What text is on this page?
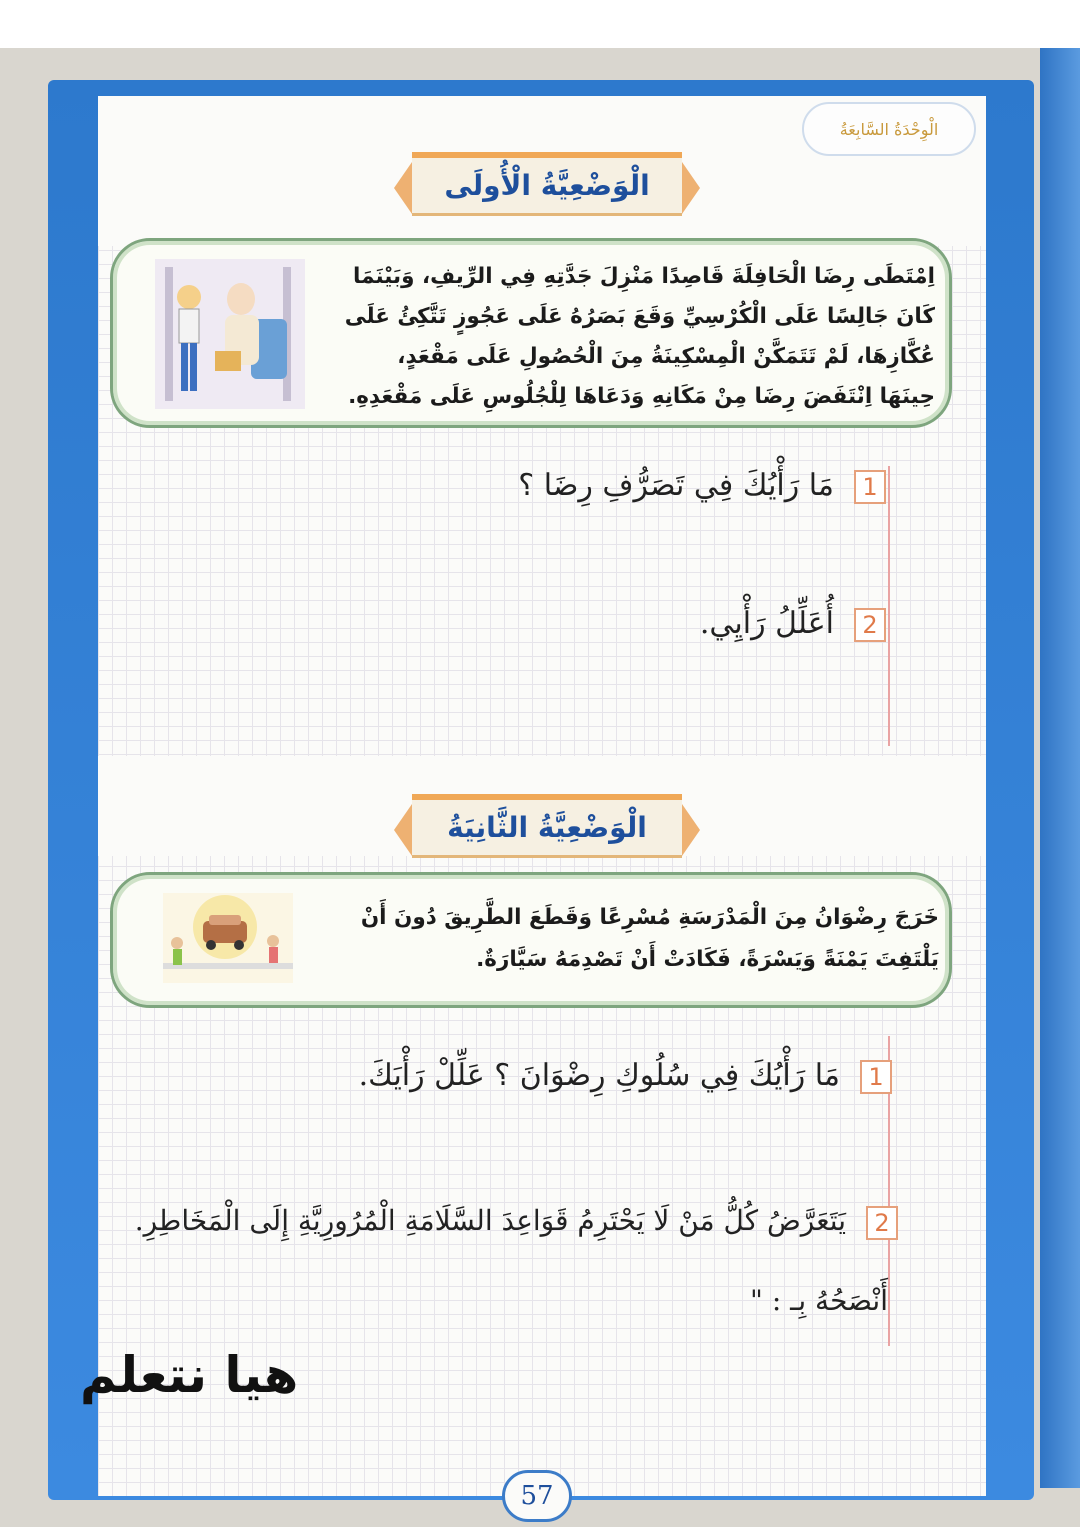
الْوِحْدَةُ السَّابِعَةُ
الْوَضْعِيَّةُ الْأُولَى
اِمْتَطَى رِضَا الْحَافِلَةَ قَاصِدًا مَنْزِلَ جَدَّتِهِ فِي الرِّيفِ، وَبَيْنَمَا
كَانَ جَالِسًا عَلَى الْكُرْسِيِّ وَقَعَ بَصَرُهُ عَلَى عَجُوزٍ تَتَّكِئُ عَلَى
عُكَّازِهَا، لَمْ تَتَمَكَّنْ الْمِسْكِينَةُ مِنَ الْحُصُولِ عَلَى مَقْعَدٍ،
حِينَهَا اِنْتَفَضَ رِضَا مِنْ مَكَانِهِ وَدَعَاهَا لِلْجُلُوسِ عَلَى مَقْعَدِهِ.
1
مَا رَأْيُكَ فِي تَصَرُّفِ رِضَا ؟
2
أُعَلِّلُ رَأْيِي.
الْوَضْعِيَّةُ الثَّانِيَةُ
خَرَجَ رِضْوَانُ مِنَ الْمَدْرَسَةِ مُسْرِعًا وَقَطَعَ الطَّرِيقَ دُونَ أَنْ
يَلْتَفِتَ يَمْنَةً وَيَسْرَةً، فَكَادَتْ أَنْ تَصْدِمَهُ سَيَّارَةٌ.
1
مَا رَأْيُكَ فِي سُلُوكِ رِضْوَانَ ؟ عَلِّلْ رَأْيَكَ.
2
يَتَعَرَّضُ كُلُّ مَنْ لَا يَحْتَرِمُ قَوَاعِدَ السَّلَامَةِ الْمُرُورِيَّةِ إِلَى الْمَخَاطِرِ.
أَنْصَحُهُ بِـ : "
هيا نتعلم
57
